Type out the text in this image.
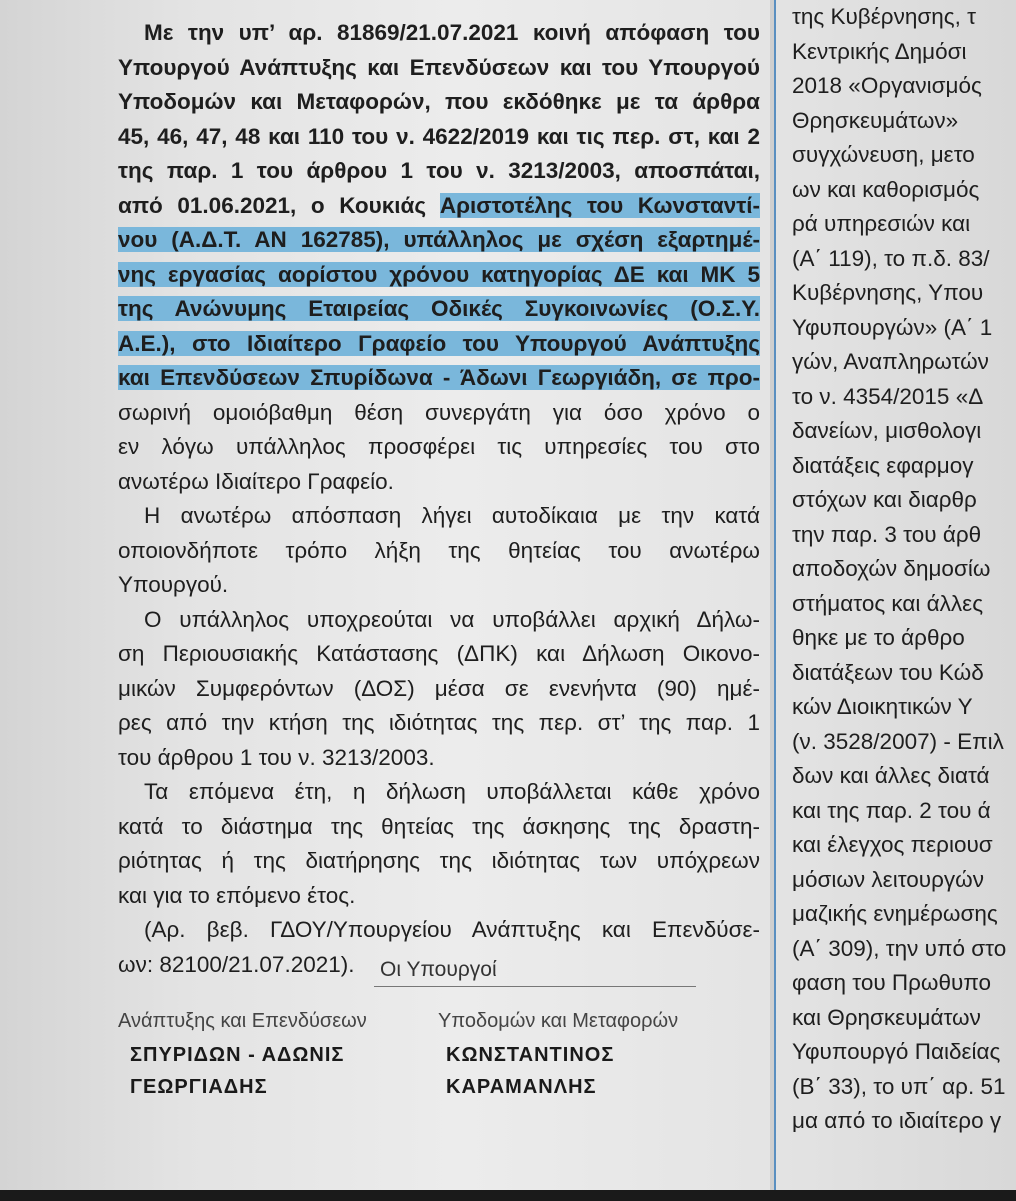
Με την υπ’ αρ. 81869/21.07.2021 κοινή απόφαση του
Υπουργού Ανάπτυξης και Επενδύσεων και του Υπουργού
Υποδομών και Μεταφορών, που εκδόθηκε με τα άρθρα
45, 46, 47, 48 και 110 του ν. 4622/2019 και τις περ. στ, και 2
της παρ. 1 του άρθρου 1 του ν. 3213/2003, αποσπάται,
από 01.06.2021, ο Κουκιάς Αριστοτέλης του Κωνσταντί-
νου (Α.Δ.Τ. ΑΝ 162785), υπάλληλος με σχέση εξαρτημέ-
νης εργασίας αορίστου χρόνου κατηγορίας ΔΕ και ΜΚ 5
της Ανώνυμης Εταιρείας Οδικές Συγκοινωνίες (Ο.Σ.Υ.
Α.Ε.), στο Ιδιαίτερο Γραφείο του Υπουργού Ανάπτυξης
και Επενδύσεων Σπυρίδωνα - Άδωνι Γεωργιάδη, σε προ-
σωρινή ομοιόβαθμη θέση συνεργάτη για όσο χρόνο ο
εν λόγω υπάλληλος προσφέρει τις υπηρεσίες του στο
ανωτέρω Ιδιαίτερο Γραφείο.
Η ανωτέρω απόσπαση λήγει αυτοδίκαια με την κατά
οποιονδήποτε τρόπο λήξη της θητείας του ανωτέρω
Υπουργού.
Ο υπάλληλος υποχρεούται να υποβάλλει αρχική Δήλω-
ση Περιουσιακής Κατάστασης (ΔΠΚ) και Δήλωση Οικονο-
μικών Συμφερόντων (ΔΟΣ) μέσα σε ενενήντα (90) ημέ-
ρες από την κτήση της ιδιότητας της περ. στ’ της παρ. 1
του άρθρου 1 του ν. 3213/2003.
Τα επόμενα έτη, η δήλωση υποβάλλεται κάθε χρόνο
κατά το διάστημα της θητείας της άσκησης της δραστη-
ριότητας ή της διατήρησης της ιδιότητας των υπόχρεων
και για το επόμενο έτος.
(Αρ. βεβ. ΓΔΟΥ/Υπουργείου Ανάπτυξης και Επενδύσε-
ων: 82100/21.07.2021).	Οι Υπουργοί
Ανάπτυξης και Επενδύσεων
ΣΠΥΡΙΔΩΝ - ΑΔΩΝΙΣ
ΓΕΩΡΓΙΑΔΗΣ
Υποδομών και Μεταφορών
ΚΩΝΣΤΑΝΤΙΝΟΣ
ΚΑΡΑΜΑΝΛΗΣ
της Κυβέρνησης, τ
Κεντρικής Δημόσι
2018 «Οργανισμός
Θρησκευμάτων»
συγχώνευση, μετο
ων και καθορισμός
ρά υπηρεσιών και
(Α΄ 119), το π.δ. 83/
Κυβέρνησης, Υπου
Υφυπουργών» (Α΄ 1
γών, Αναπληρωτών
το ν. 4354/2015 «Δ
δανείων, μισθολογι
διατάξεις εφαρμογ
στόχων και διαρθρ
την παρ. 3 του άρθ
αποδοχών δημοσίω
στήματος και άλλες
θηκε με το άρθρο
διατάξεων του Κώδ
κών Διοικητικών Υ
(ν. 3528/2007) - Επιλ
δων και άλλες διατά
και της παρ. 2 του ά
και έλεγχος περιουσ
μόσιων λειτουργών
μαζικής ενημέρωσης
(Α΄ 309), την υπό στο
φαση του Πρωθυπο
και Θρησκευμάτων
Υφυπουργό Παιδείας
(Β΄ 33), το υπ΄ αρ. 51
μα από το ιδιαίτερο γ
